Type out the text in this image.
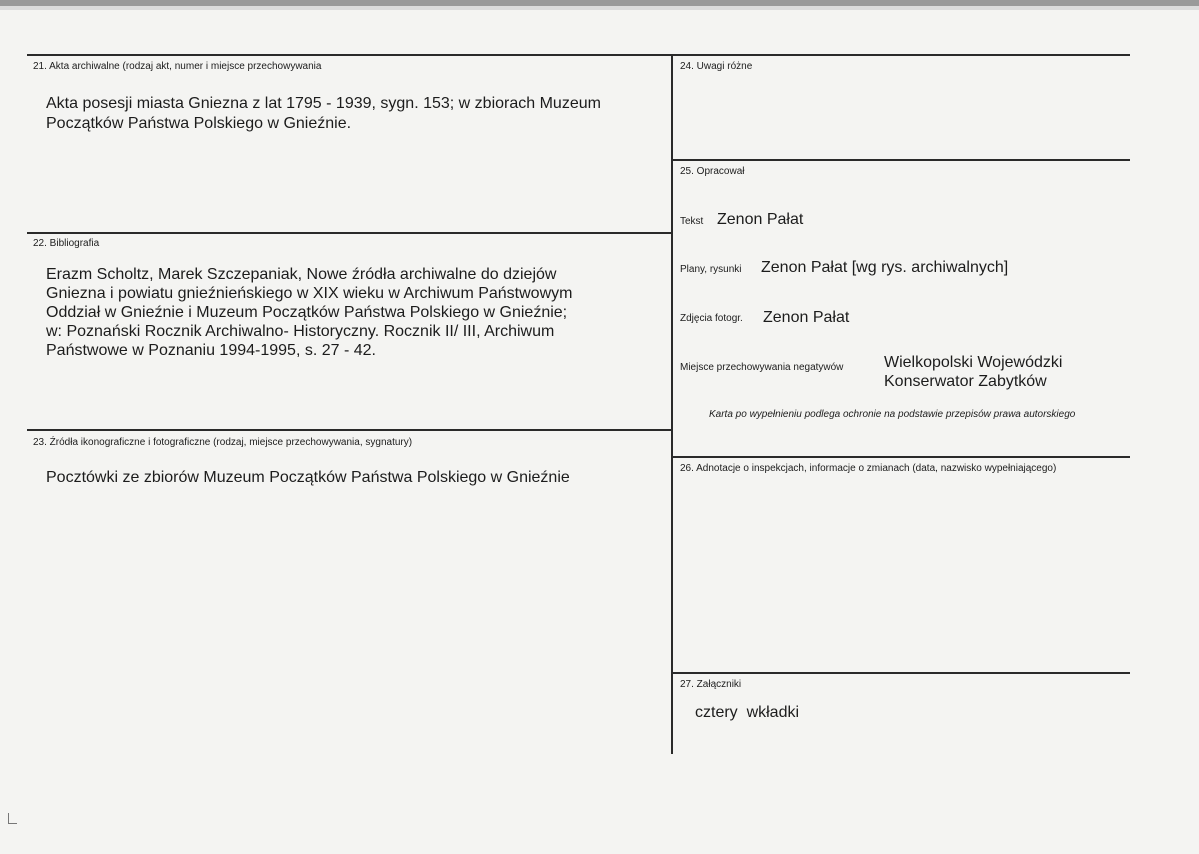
21. Akta archiwalne (rodzaj akt, numer i miejsce przechowywania
Akta posesji miasta Gniezna z lat 1795 - 1939, sygn. 153; w zbiorach Muzeum
Początków Państwa Polskiego w Gnieźnie.
22. Bibliografia
Erazm Scholtz, Marek Szczepaniak, Nowe źródła archiwalne do dziejów
Gniezna i powiatu gnieźnieńskiego w XIX wieku w Archiwum Państwowym
Oddział w Gnieźnie i Muzeum Początków Państwa Polskiego w Gnieźnie;
w: Poznański Rocznik Archiwalno- Historyczny. Rocznik II/ III, Archiwum
Państwowe w Poznaniu 1994-1995, s. 27 - 42.
23. Źródła ikonograficzne i fotograficzne (rodzaj, miejsce przechowywania, sygnatury)
Pocztówki ze zbiorów Muzeum Początków Państwa Polskiego w Gnieźnie
24. Uwagi różne
25. Opracował
Tekst Zenon Pałat
Plany, rysunki Zenon Pałat [wg rys. archiwalnych]
Zdjęcia fotogr. Zenon Pałat
Miejsce przechowywania negatywów	Wielkopolski Wojewódzki
Konserwator Zabytków
Karta po wypełnieniu podlega ochronie na podstawie przepisów prawa autorskiego
26. Adnotacje o inspekcjach, informacje o zmianach (data, nazwisko wypełniającego)
27. Załączniki
cztery  wkładki
